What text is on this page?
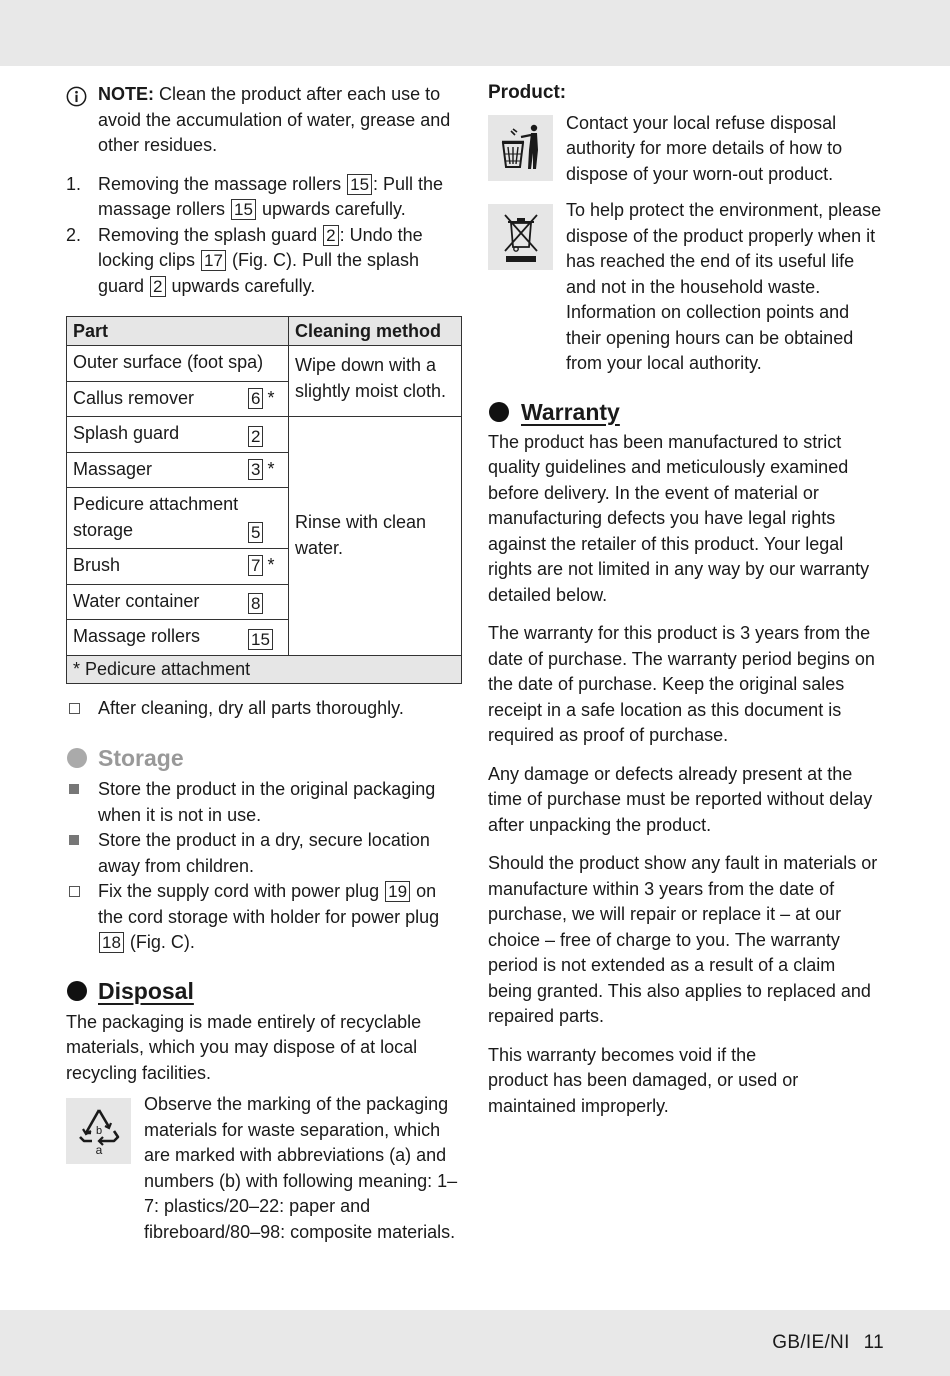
NOTE: Clean the product after each use to avoid the accumulation of water, grease and other residues.
1. Removing the massage rollers 15 : Pull the massage rollers 15 upwards carefully.
2. Removing the splash guard 2 : Undo the locking clips 17 (Fig. C). Pull the splash guard 2 upwards carefully.
Part	Cleaning method

Outer surface (foot spa)	Wipe down with a slightly moist cloth.

Callus remover 6 *	

Splash guard 2	Rinse with clean water.

Massager 3 *	

Pedicure attachment storage 5	

Brush 7 *	

Water container 8	

Massage rollers 15	

* Pedicure attachment	
After cleaning, dry all parts thoroughly.
Storage
Store the product in the original packaging when it is not in use.
Store the product in a dry, secure location away from children.
Fix the supply cord with power plug 19 on the cord storage with holder for power plug 18 (Fig. C).
Disposal

The packaging is made entirely of recyclable materials, which you may dispose of at local recycling facilities.

b
a
Observe the marking of the packaging materials for waste separation, which are marked with abbreviations (a) and numbers (b) with following meaning: 1–7: plastics/20–22: paper and fibreboard/80–98: composite materials.
Product:
Contact your local refuse disposal authority for more details of how to dispose of your worn-out product.
To help protect the environment, please dispose of the product properly when it has reached the end of its useful life and not in the household waste. Information on collection points and their opening hours can be obtained from your local authority.
Warranty

The product has been manufactured to strict quality guidelines and meticulously examined before delivery. In the event of material or manufacturing defects you have legal rights against the retailer of this product. Your legal rights are not limited in any way by our warranty detailed below.

The warranty for this product is 3 years from the date of purchase. The warranty period begins on the date of purchase. Keep the original sales receipt in a safe location as this document is required as proof of purchase.

Any damage or defects already present at the time of purchase must be reported without delay after unpacking the product.

Should the product show any fault in materials or manufacture within 3 years from the date of purchase, we will repair or replace it – at our choice – free of charge to you. The warranty period is not extended as a result of a claim being granted. This also applies to replaced and repaired parts.

This warranty becomes void if the product has been damaged, or used or maintained improperly.

GB/IE/NI 11
